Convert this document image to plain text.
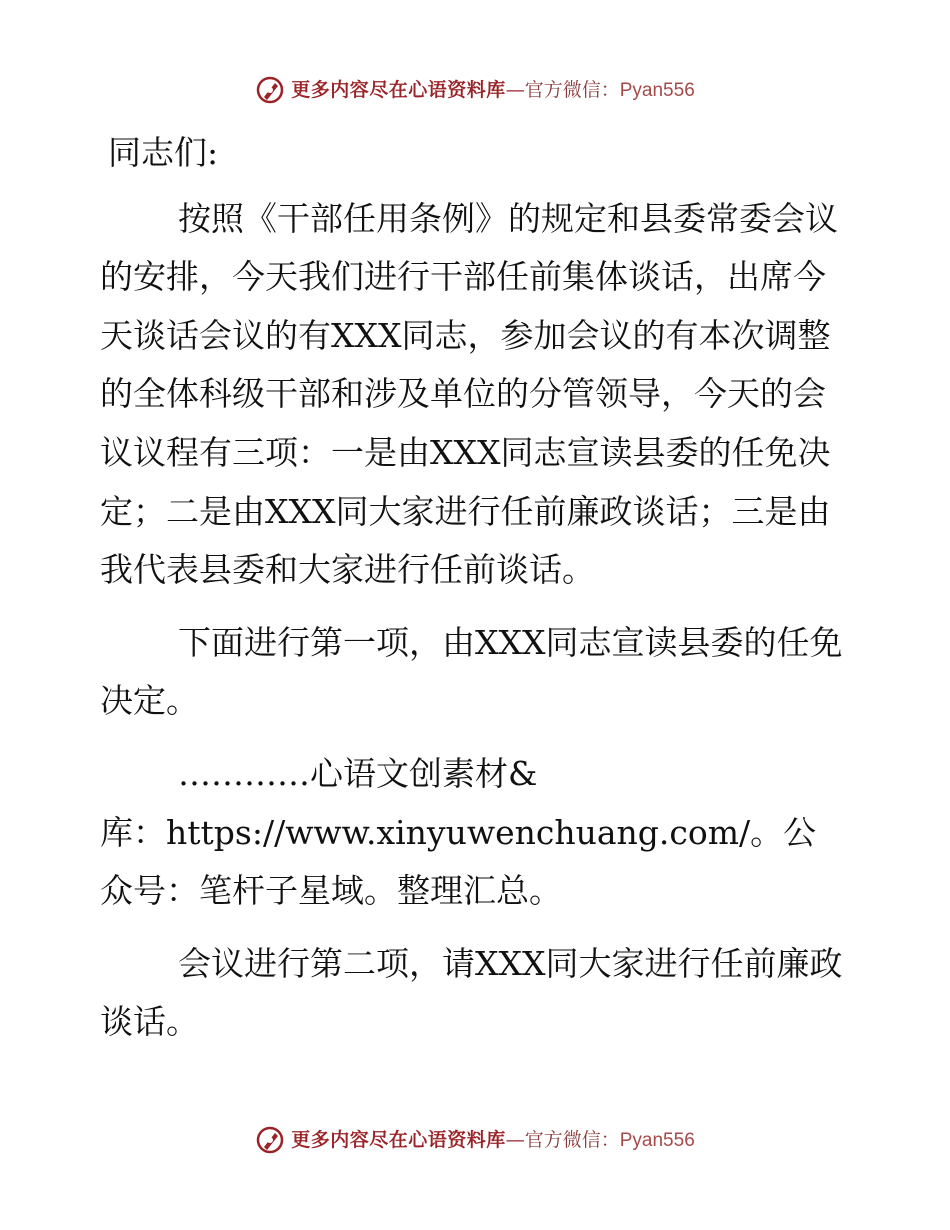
更多内容尽在心语资料库—官方微信：Pyan556
同志们:

按照《干部任用条例》的规定和县委常委会议的安排，今天我们进行干部任前集体谈话，出席今天谈话会议的有XXX同志，参加会议的有本次调整的全体科级干部和涉及单位的分管领导，今天的会议议程有三项：一是由XXX同志宣读县委的任免决定；二是由XXX同大家进行任前廉政谈话；三是由我代表县委和大家进行任前谈话。

下面进行第一项，由XXX同志宣读县委的任免决定。

…………心语文创素材&
库：https://www.xinyuwenchuang.com/。公众号：笔杆子星域。整理汇总。

会议进行第二项，请XXX同大家进行任前廉政谈话。

更多内容尽在心语资料库—官方微信：Pyan556
